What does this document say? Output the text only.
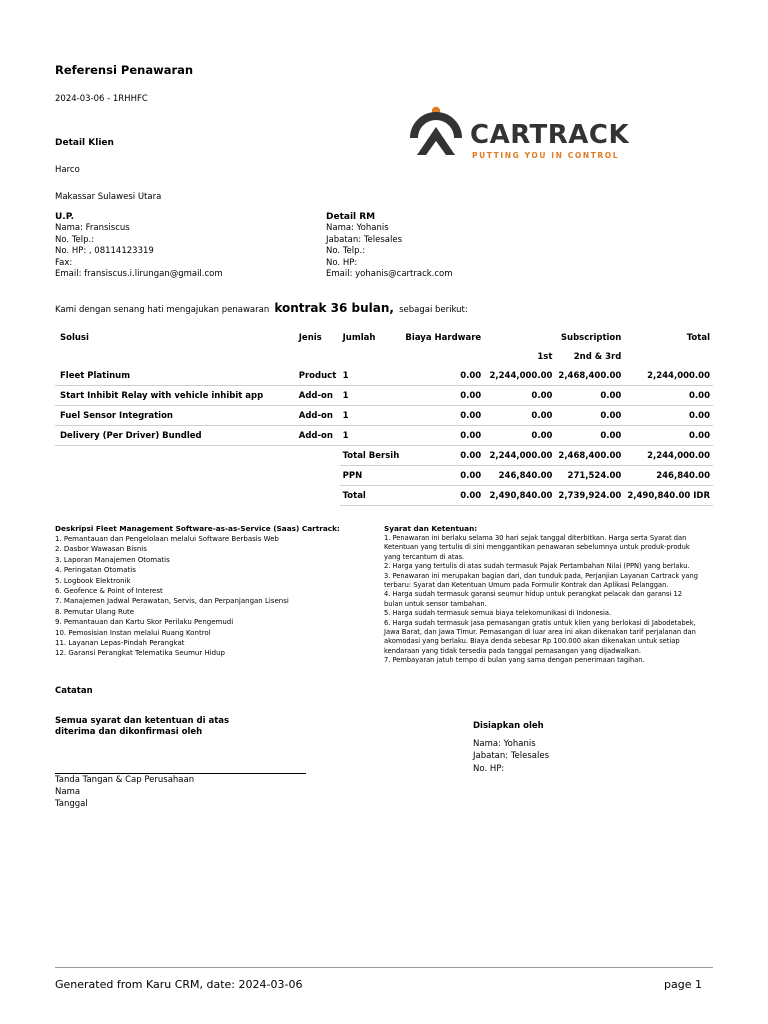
Referensi Penawaran
2024-03-06 - 1RHHFC
CARTRACK
PUTTING YOU IN CONTROL
Detail Klien
Harco
Makassar Sulawesi Utara
U.P.
Nama: Fransiscus
No. Telp.:
No. HP: , 08114123319
Fax:
Email: fransiscus.i.lirungan@gmail.com
Detail RM
Nama: Yohanis
Jabatan: Telesales
No. Telp.:
No. HP:
Email: yohanis@cartrack.com
Kami dengan senang hati mengajukan penawaran kontrak 36 bulan, sebagai berikut:
Solusi	Jenis	Jumlah	Biaya Hardware		Subscription	Total
				1st	2nd & 3rd	
Fleet Platinum	Product	1	0.00	2,244,000.00	2,468,400.00	2,244,000.00
Start Inhibit Relay with vehicle inhibit app	Add-on	1	0.00	0.00	0.00	0.00
Fuel Sensor Integration	Add-on	1	0.00	0.00	0.00	0.00
Delivery (Per Driver) Bundled	Add-on	1	0.00	0.00	0.00	0.00
		Total Bersih	0.00	2,244,000.00	2,468,400.00	2,244,000.00
		PPN	0.00	246,840.00	271,524.00	246,840.00
		Total	0.00	2,490,840.00	2,739,924.00	2,490,840.00 IDR
Deskripsi Fleet Management Software-as-as-Service (Saas) Cartrack:
1. Pemantauan dan Pengelolaan melalui Software Berbasis Web
2. Dasbor Wawasan Bisnis
3. Laporan Manajemen Otomatis
4. Peringatan Otomatis
5. Logbook Elektronik
6. Geofence & Point of Interest
7. Manajemen Jadwal Perawatan, Servis, dan Perpanjangan Lisensi
8. Pemutar Ulang Rute
9. Pemantauan dan Kartu Skor Perilaku Pengemudi
10. Pemosisian Instan melalui Ruang Kontrol
11. Layanan Lepas-Pindah Perangkat
12. Garansi Perangkat Telematika Seumur Hidup
Syarat dan Ketentuan:
1. Penawaran ini berlaku selama 30 hari sejak tanggal diterbitkan. Harga serta Syarat dan
Ketentuan yang tertulis di sini menggantikan penawaran sebelumnya untuk produk-produk
yang tercantum di atas.
2. Harga yang tertulis di atas sudah termasuk Pajak Pertambahan Nilai (PPN) yang berlaku.
3. Penawaran ini merupakan bagian dari, dan tunduk pada, Perjanjian Layanan Cartrack yang
terbaru: Syarat dan Ketentuan Umum pada Formulir Kontrak dan Aplikasi Pelanggan.
4. Harga sudah termasuk garansi seumur hidup untuk perangkat pelacak dan garansi 12
bulan untuk sensor tambahan.
5. Harga sudah termasuk semua biaya telekomunikasi di Indonesia.
6. Harga sudah termasuk jasa pemasangan gratis untuk klien yang berlokasi di Jabodetabek,
Jawa Barat, dan Jawa Timur. Pemasangan di luar area ini akan dikenakan tarif perjalanan dan
akomodasi yang berlaku. Biaya denda sebesar Rp 100.000 akan dikenakan untuk setiap
kendaraan yang tidak tersedia pada tanggal pemasangan yang dijadwalkan.
7. Pembayaran jatuh tempo di bulan yang sama dengan penerimaan tagihan.
Catatan
Semua syarat dan ketentuan di atas
diterima dan dikonfirmasi oleh
Tanda Tangan & Cap Perusahaan
Nama
Tanggal
Disiapkan oleh
Nama: Yohanis
Jabatan: Telesales
No. HP:
Generated from Karu CRM, date: 2024-03-06	page 1
